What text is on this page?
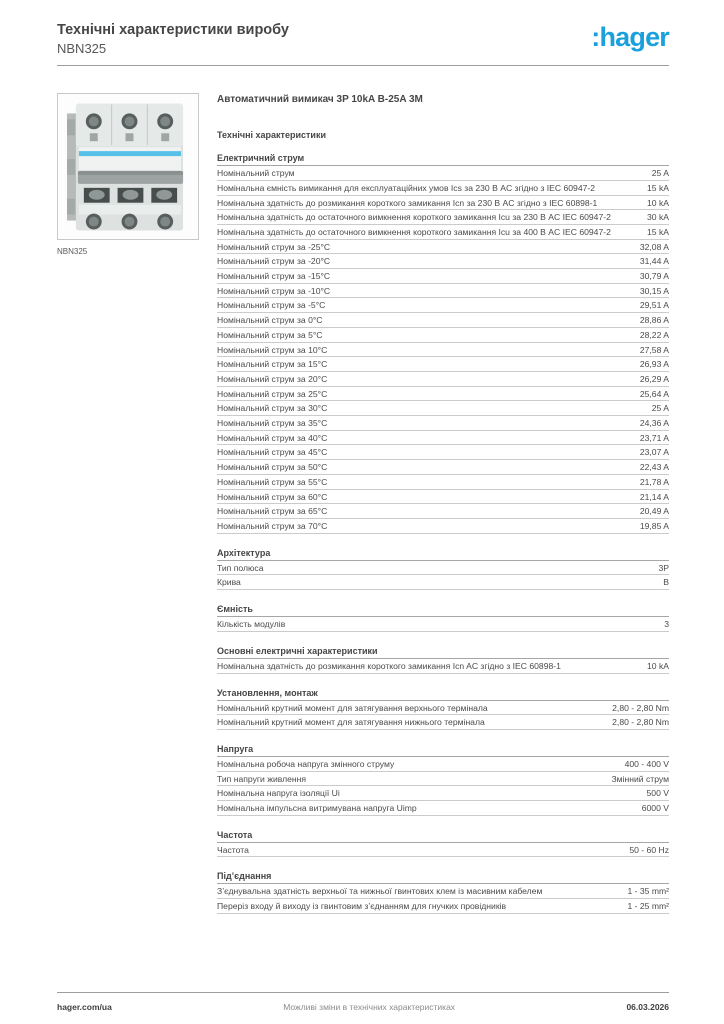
Технічні характеристики виробу
NBN325	:hager
NBN325
Автоматичний вимикач 3P 10kA B-25A 3M
Технічні характеристики
Електричний струм
Номінальний струм	25 A
Номінальна ємність вимикання для експлуатаційних умов Ics за 230 В AC згідно з IEC 60947-2	15 kA
Номінальна здатність до розмикання короткого замикання Icn за 230 В AC згідно з IEC 60898-1	10 kA
Номінальна здатність до остаточного вимкнення короткого замикання Icu за 230 В AC IEC 60947-2	30 kA
Номінальна здатність до остаточного вимкнення короткого замикання Icu за 400 В AC IEC 60947-2	15 kA
Номінальний струм за -25°C	32,08 A
Номінальний струм за -20°C	31,44 A
Номінальний струм за -15°C	30,79 A
Номінальний струм за -10°C	30,15 A
Номінальний струм за -5°C	29,51 A
Номінальний струм за 0°C	28,86 A
Номінальний струм за 5°C	28,22 A
Номінальний струм за 10°C	27,58 A
Номінальний струм за 15°C	26,93 A
Номінальний струм за 20°C	26,29 A
Номінальний струм за 25°C	25,64 A
Номінальний струм за 30°C	25 A
Номінальний струм за 35°C	24,36 A
Номінальний струм за 40°C	23,71 A
Номінальний струм за 45°C	23,07 A
Номінальний струм за 50°C	22,43 A
Номінальний струм за 55°C	21,78 A
Номінальний струм за 60°C	21,14 A
Номінальний струм за 65°C	20,49 A
Номінальний струм за 70°C	19,85 A
Архітектура
Тип полюса	3P
Крива	B
Ємність
Кількість модулів	3
Основні електричні характеристики
Номінальна здатність до розмикання короткого замикання Icn AC згідно з IEC 60898-1	10 kA
Установлення, монтаж
Номінальний крутний момент для затягування верхнього термінала	2,80 - 2,80 Nm
Номінальний крутний момент для затягування нижнього термінала	2,80 - 2,80 Nm
Напруга
Номінальна робоча напруга змінного струму	400 - 400 V
Тип напруги живлення	Змінний струм
Номінальна напруга ізоляції Ui	500 V
Номінальна імпульсна витримувана напруга Uimp	6000 V
Частота
Частота	50 - 60 Hz
Під’єднання
З’єднувальна здатність верхньої та нижньої гвинтових клем із масивним кабелем	1 - 35 mm²
Переріз входу й виходу із гвинтовим з’єднанням для гнучких провідників	1 - 25 mm²
hager.com/ua	Можливі зміни в технічних характеристиках	06.03.2026
